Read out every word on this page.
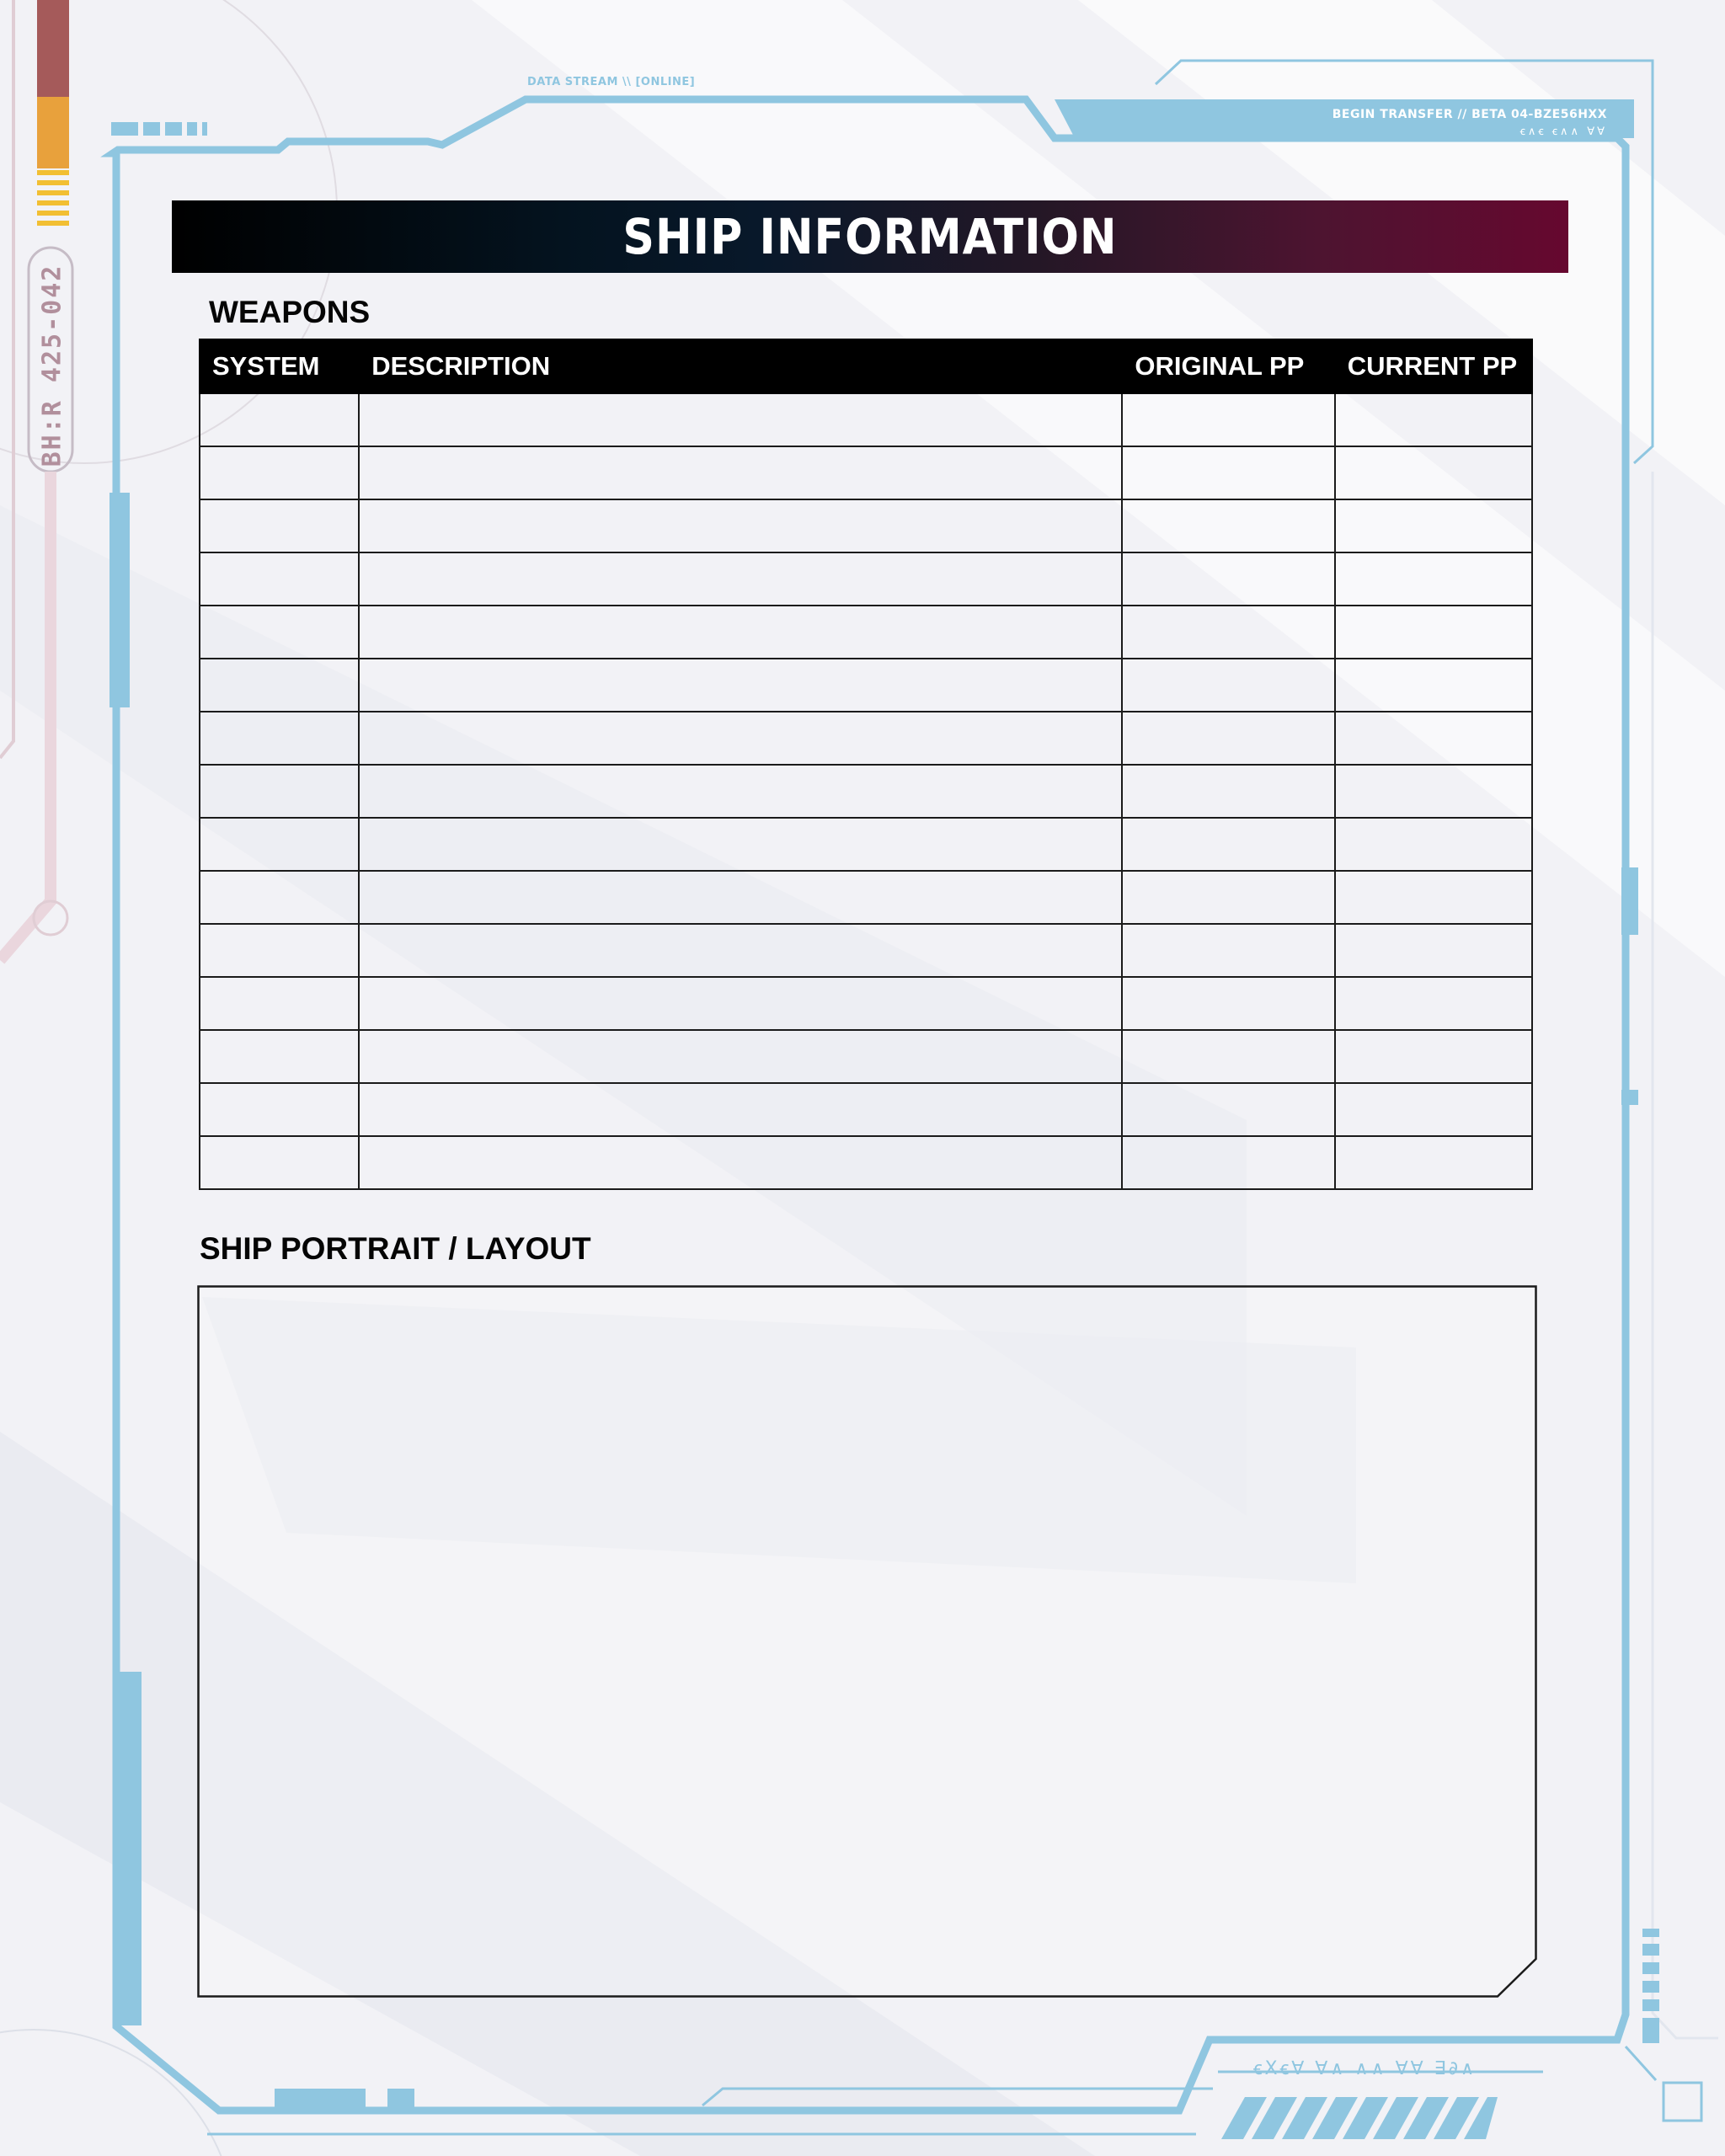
DATA STREAM \\ [ONLINE]
BEGIN TRANSFER // BETA 04-BZE56HXX
ꞓ∧ꞓ ꞓ∧∧ ∀∀
BH:R 425-042
ꞓXꞓ∀ ∀∧ ∧∧ ∀∀ ∃∂∧
SHIP INFORMATION
WEAPONS
SYSTEM	DESCRIPTION	ORIGINAL PP	CURRENT PP

SHIP PORTRAIT / LAYOUT
